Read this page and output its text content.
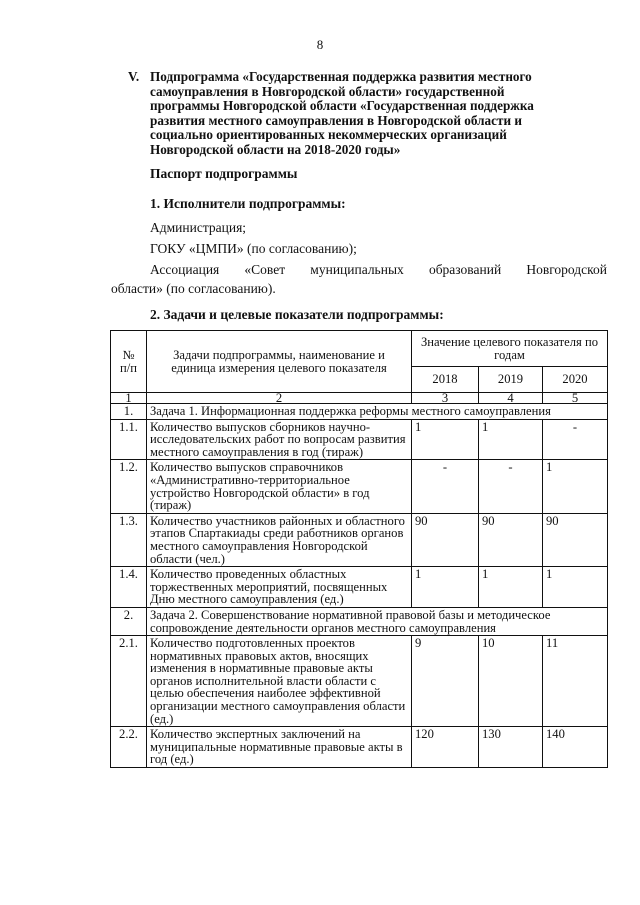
8
V. Подпрограмма «Государственная поддержка развития местного
самоуправления в Новгородской области» государственной
программы Новгородской области «Государственная поддержка
развития местного самоуправления в Новгородской области и
социально ориентированных некоммерческих организаций
Новгородской области на 2018-2020 годы»
Паспорт подпрограммы
1. Исполнители подпрограммы:
Администрация;
ГОКУ «ЦМПИ» (по согласованию);
Ассоциация «Совет муниципальных образований Новгородской
области» (по согласованию).
2. Задачи и целевые показатели подпрограммы:
№
п/п	Задачи подпрограммы, наименование и единица измерения целевого показателя	Значение целевого показателя по годам		
		2018	2019	2020
1	2	3	4	5
1.	Задача 1. Информационная поддержка реформы местного самоуправления			
1.1.	Количество выпусков сборников научно-исследовательских работ по вопросам развития местного самоуправления в год (тираж)	1	1	-
1.2.	Количество выпусков справочников «Административно-территориальное устройство Новгородской области» в год (тираж)	-	-	1
1.3.	Количество участников районных и областного этапов Спартакиады среди работников органов местного самоуправления Новгородской области (чел.)	90	90	90
1.4.	Количество проведенных областных торжественных мероприятий, посвященных Дню местного самоуправления (ед.)	1	1	1
2.	Задача 2. Совершенствование нормативной правовой базы и методическое сопровождение деятельности органов местного самоуправления			
2.1.	Количество подготовленных проектов нормативных правовых актов, вносящих изменения в нормативные правовые акты органов исполнительной власти области с целью обеспечения наиболее эффективной организации местного самоуправления области (ед.)	9	10	11
2.2.	Количество экспертных заключений на муниципальные нормативные правовые акты в год (ед.)	120	130	140
